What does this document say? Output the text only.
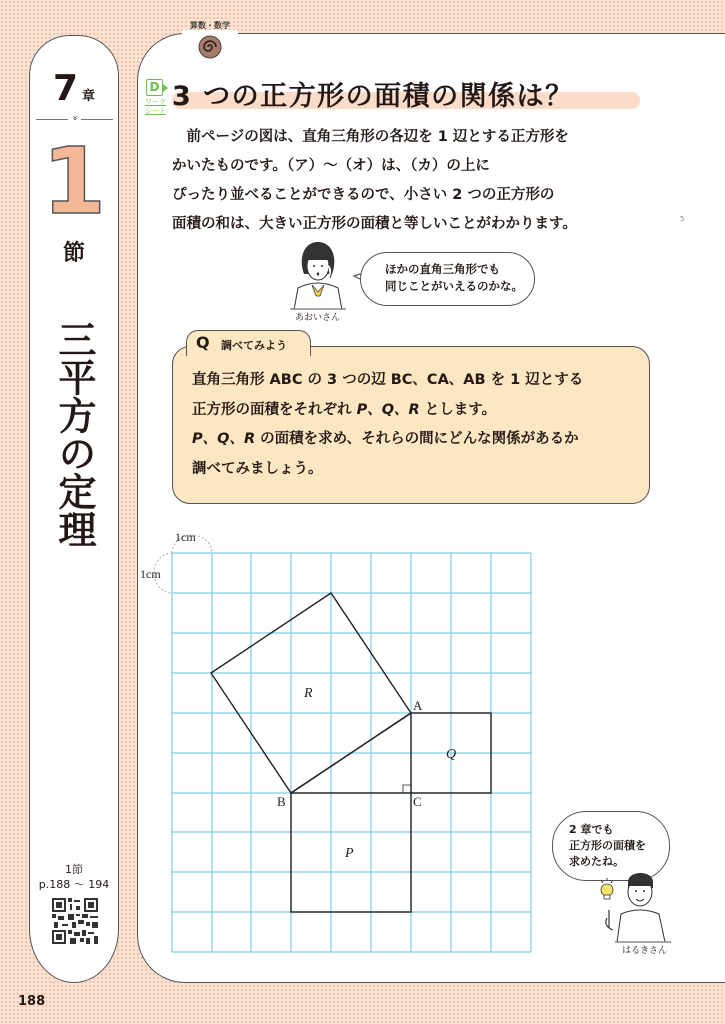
7 章
»
1
節
三平方の定理
1節
p.188 ～ 194
188
算数・数学
D
ワーク
シート 3 つの正方形の面積の関係は？

　前ページの図は、直角三角形の各辺を 1 辺とする正方形を

かいたものです。（ア）～（オ）は、（カ）の上に

ぴったり並べることができるので、小さい 2 つの正方形の

面積の和は、大きい正方形の面積と等しいことがわかります。	5
あおいさん

ほかの直角三角形でも

同じことがいえるのかな。

Q 調べてみよう

直角三角形 ABC の 3 つの辺 BC、CA、AB を 1 辺とする

正方形の面積をそれぞれ P、Q、R とします。

P、Q、R の面積を求め、それらの間にどんな関係があるか

調べてみましょう。

1cm
1cm
A
B	C
R
Q
P

2 章でも

正方形の面積を

求めたね。

はるきさん
